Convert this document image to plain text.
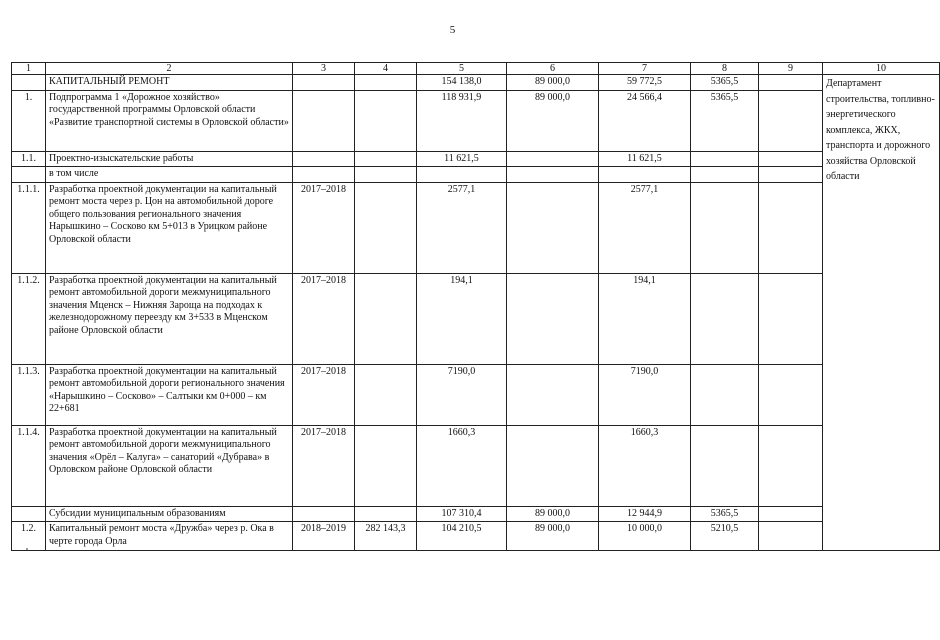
5
1	2	3	4	5	6	7	8	9	10
	КАПИТАЛЬНЫЙ РЕМОНТ			154 138,0	89 000,0	59 772,5	5365,5		Департамент строительства, топливно-энергетического комплекса, ЖКХ, транспорта и дорожного хозяйства Орловской области
1.	Подпрограмма 1 «Дорожное хозяйство» государственной программы Орловской области «Развитие транспортной системы в Орловской области»			118 931,9	89 000,0	24 566,4	5365,5		
1.1.	Проектно-изыскательские работы			11 621,5		11 621,5			
	в том числе								
1.1.1.	Разработка проектной документации на капитальный ремонт моста через р. Цон на автомобильной дороге общего пользования регионального значения Нарышкино – Сосково км 5+013 в Урицком районе Орловской области	2017–2018		2577,1		2577,1			
1.1.2.	Разработка проектной документации на капитальный ремонт автомобильной дороги межмуниципального значения Мценск – Нижняя Зароща на подходах к железнодорожному переезду км 3+533 в Мценском районе Орловской области	2017–2018		194,1		194,1			
1.1.3.	Разработка проектной документации на капитальный ремонт автомобильной дороги регионального значения «Нарышкино – Сосково» – Салтыки км 0+000 – км 22+681	2017–2018		7190,0		7190,0			
1.1.4.	Разработка проектной документации на капитальный ремонт автомобильной дороги межмуниципального значения «Орёл – Калуга» – санаторий «Дубрава» в Орловском районе Орловской области	2017–2018		1660,3		1660,3			
	Субсидии муниципальным образованиям			107 310,4	89 000,0	12 944,9	5365,5		
1.2.	Капитальный ремонт моста «Дружба» через р. Ока в черте города Орла	2018–2019	282 143,3	104 210,5	89 000,0	10 000,0	5210,5		
